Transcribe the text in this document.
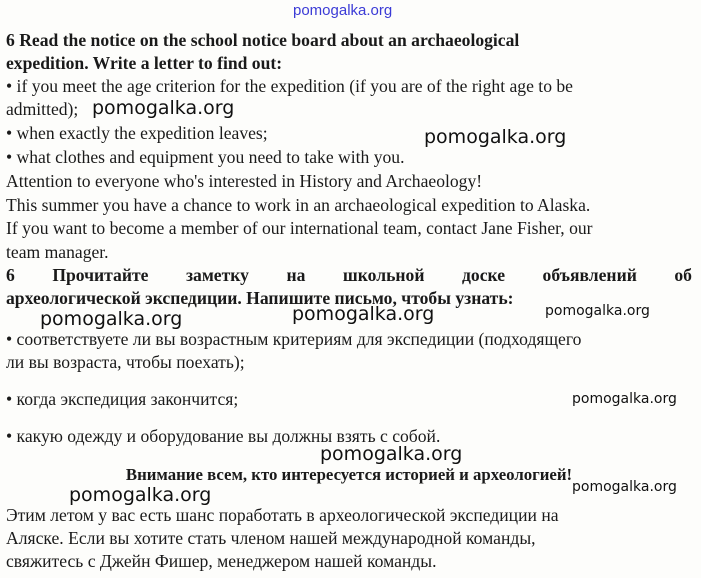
pomogalka.org
6 Read the notice on the school notice board about an archaeological
expedition. Write a letter to find out:
• if you meet the age criterion for the expedition (if you are of the right age to be
admitted);
• when exactly the expedition leaves;
• what clothes and equipment you need to take with you.
Attention to everyone who's interested in History and Archaeology!
This summer you have a chance to work in an archaeological expedition to Alaska.
If you want to become a member of our international team, contact Jane Fisher, our
team manager.
6 Прочитайте заметку на школьной доске объявлений об
археологической экспедиции. Напишите письмо, чтобы узнать:
• соответствуете ли вы возрастным критериям для экспедиции (подходящего
ли вы возраста, чтобы поехать);
• когда экспедиция закончится;
• какую одежду и оборудование вы должны взять с собой.
Внимание всем, кто интересуется историей и археологией!
Этим летом у вас есть шанс поработать в археологической экспедиции на
Аляске. Если вы хотите стать членом нашей международной команды,
свяжитесь с Джейн Фишер, менеджером нашей команды.
pomogalka.org
pomogalka.org
pomogalka.org
pomogalka.org	pomogalka.org
pomogalka.org
pomogalka.org
pomogalka.org
pomogalka.org
